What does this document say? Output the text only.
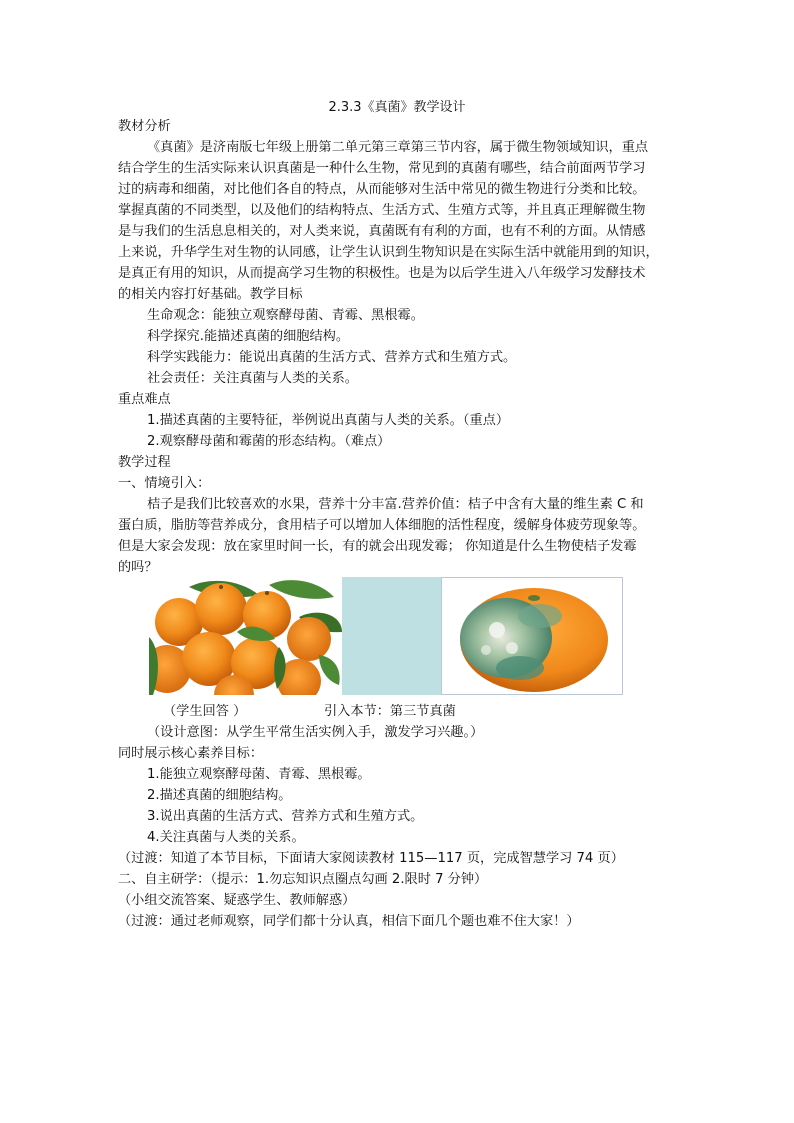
2.3.3《真菌》教学设计
教材分析
《真菌》是济南版七年级上册第二单元第三章第三节内容，属于微生物领域知识，重点
结合学生的生活实际来认识真菌是一种什么生物，常见到的真菌有哪些，结合前面两节学习
过的病毒和细菌，对比他们各自的特点，从而能够对生活中常见的微生物进行分类和比较。
掌握真菌的不同类型，以及他们的结构特点、生活方式、生殖方式等，并且真正理解微生物
是与我们的生活息息相关的，对人类来说，真菌既有有利的方面，也有不利的方面。从情感
上来说，升华学生对生物的认同感，让学生认识到生物知识是在实际生活中就能用到的知识，
是真正有用的知识，从而提高学习生物的积极性。也是为以后学生进入八年级学习发酵技术
的相关内容打好基础。教学目标
生命观念：能独立观察酵母菌、青霉、黑根霉。
科学探究.能描述真菌的细胞结构。
科学实践能力：能说出真菌的生活方式、营养方式和生殖方式。
社会责任：关注真菌与人类的关系。
重点难点
1.描述真菌的主要特征，举例说出真菌与人类的关系。（重点）
2.观察酵母菌和霉菌的形态结构。（难点）
教学过程
一、情境引入：
桔子是我们比较喜欢的水果，营养十分丰富.营养价值：桔子中含有大量的维生素 C 和
蛋白质，脂肪等营养成分，食用桔子可以增加人体细胞的活性程度，缓解身体疲劳现象等。
但是大家会发现：放在家里时间一长，有的就会出现发霉； 你知道是什么生物使桔子发霉
的吗？
（学生回答 ）	引入本节：第三节真菌
（设计意图：从学生平常生活实例入手，激发学习兴趣。）
同时展示核心素养目标：
1.能独立观察酵母菌、青霉、黑根霉。
2.描述真菌的细胞结构。
3.说出真菌的生活方式、营养方式和生殖方式。
4.关注真菌与人类的关系。
（过渡：知道了本节目标，下面请大家阅读教材 115—117 页，完成智慧学习 74 页）
二、自主研学：（提示：1.勿忘知识点圈点勾画 2.限时 7 分钟）
（小组交流答案、疑惑学生、教师解惑）
（过渡：通过老师观察，同学们都十分认真，相信下面几个题也难不住大家！）
